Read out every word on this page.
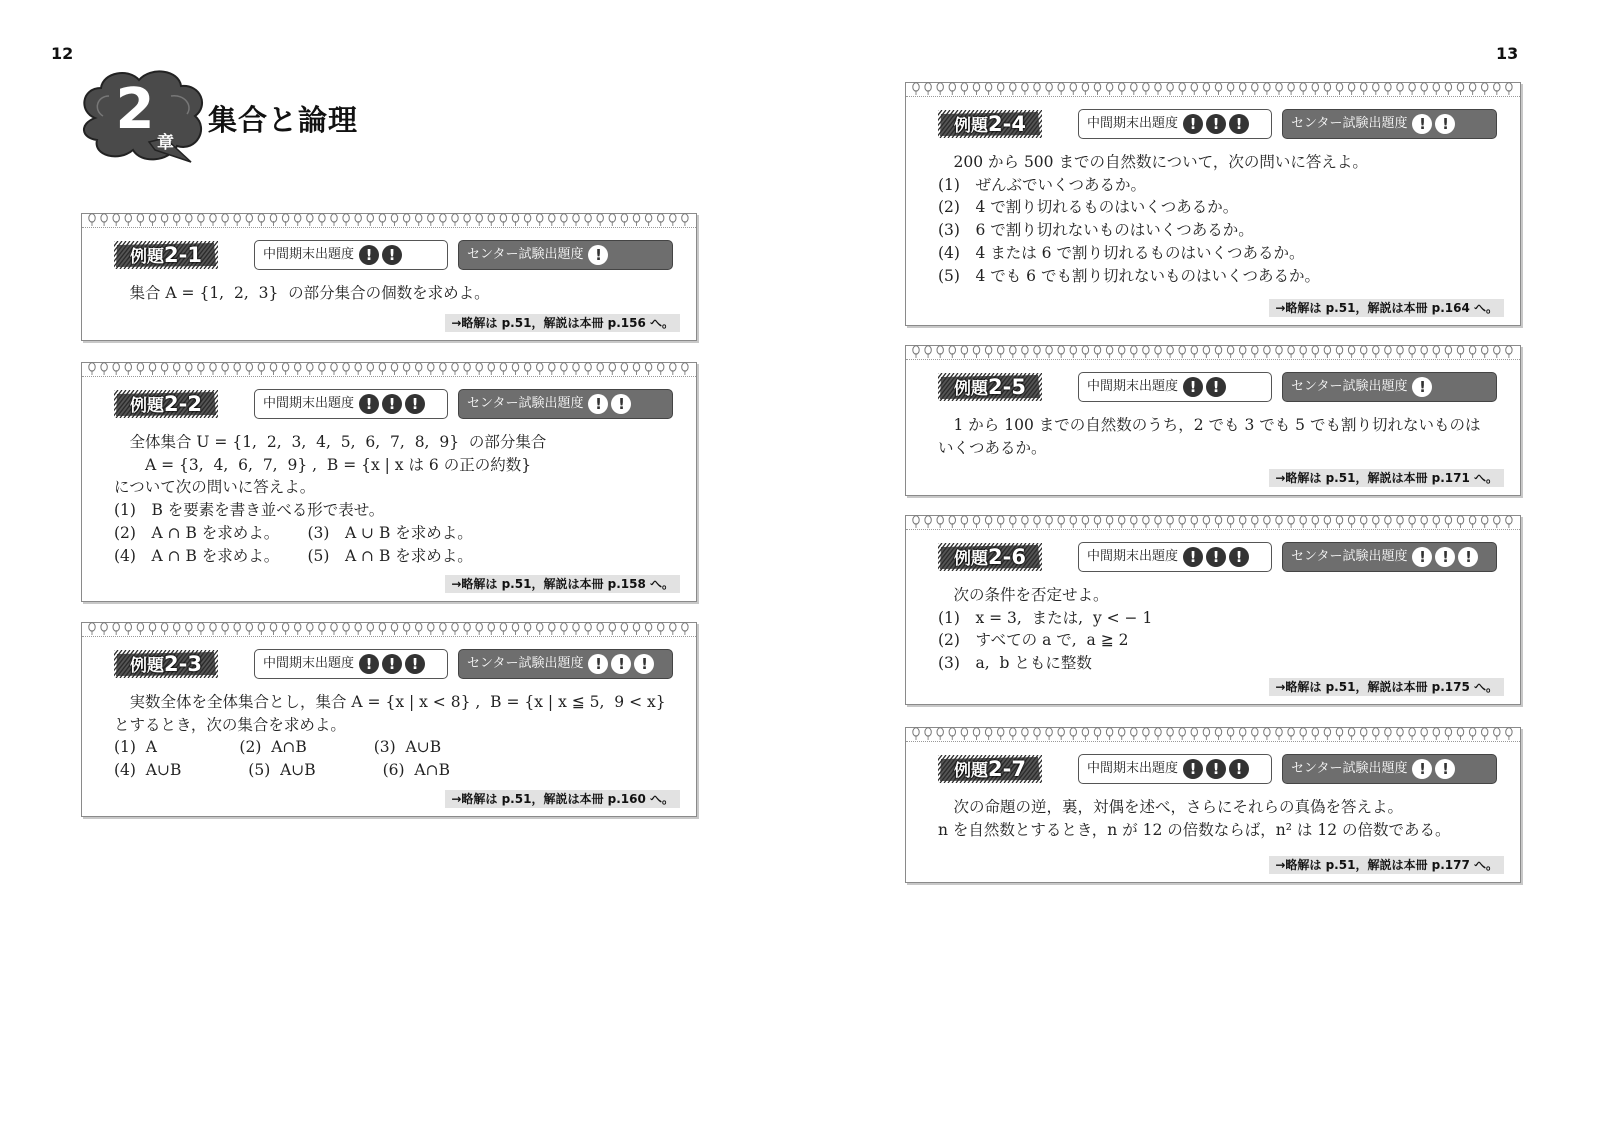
12	13
2
章
集合と論理
例題2-1	中間期末出題度 ! !	センター試験出題度 !

　集合 A = {1,  2,  3}  の部分集合の個数を求めよ。

→略解は p.51，解説は本冊 p.156 へ。
例題2-2	中間期末出題度 ! ! !	センター試験出題度 ! !

　全体集合 U = {1,  2,  3,  4,  5,  6,  7,  8,  9}  の部分集合

　　A = {3,  4,  6,  7,  9} ,  B = {x | x は 6 の正の約数}

について次の問いに答えよ。

(1)　B を要素を書き並べる形で表せ。

(2)　A ∩ B を求めよ。　　 (3)　A ∪ B を求めよ。

(4)　A ∩ B を求めよ。　　 (5)　A ∩ B を求めよ。

→略解は p.51，解説は本冊 p.158 へ。
例題2-3	中間期末出題度 ! ! !	センター試験出題度 ! ! !

　実数全体を全体集合とし，集合 A = {x | x < 8} ,  B = {x | x ≦ 5,  9 < x}

とするとき，次の集合を求めよ。

(1)  A　　　　　 (2)  A∩B　　　　 (3)  A∪B

(4)  A∪B　　　　 (5)  A∪B　　　　 (6)  A∩B

→略解は p.51，解説は本冊 p.160 へ。
例題2-4	中間期末出題度 ! ! !	センター試験出題度 ! !

　200 から 500 までの自然数について，次の問いに答えよ。

(1)　ぜんぶでいくつあるか。

(2)　4 で割り切れるものはいくつあるか。

(3)　6 で割り切れないものはいくつあるか。

(4)　4 または 6 で割り切れるものはいくつあるか。

(5)　4 でも 6 でも割り切れないものはいくつあるか。

→略解は p.51，解説は本冊 p.164 へ。
例題2-5	中間期末出題度 ! !	センター試験出題度 !

　1 から 100 までの自然数のうち，2 でも 3 でも 5 でも割り切れないものは

いくつあるか。

→略解は p.51，解説は本冊 p.171 へ。
例題2-6	中間期末出題度 ! ! !	センター試験出題度 ! ! !

　次の条件を否定せよ。

(1)　x = 3,  または,  y < − 1

(2)　すべての a で,  a ≧ 2

(3)　a,  b ともに整数

→略解は p.51，解説は本冊 p.175 へ。
例題2-7	中間期末出題度 ! ! !	センター試験出題度 ! !

　次の命題の逆，裏，対偶を述べ，さらにそれらの真偽を答えよ。

n を自然数とするとき，n が 12 の倍数ならば，n² は 12 の倍数である。

→略解は p.51，解説は本冊 p.177 へ。
